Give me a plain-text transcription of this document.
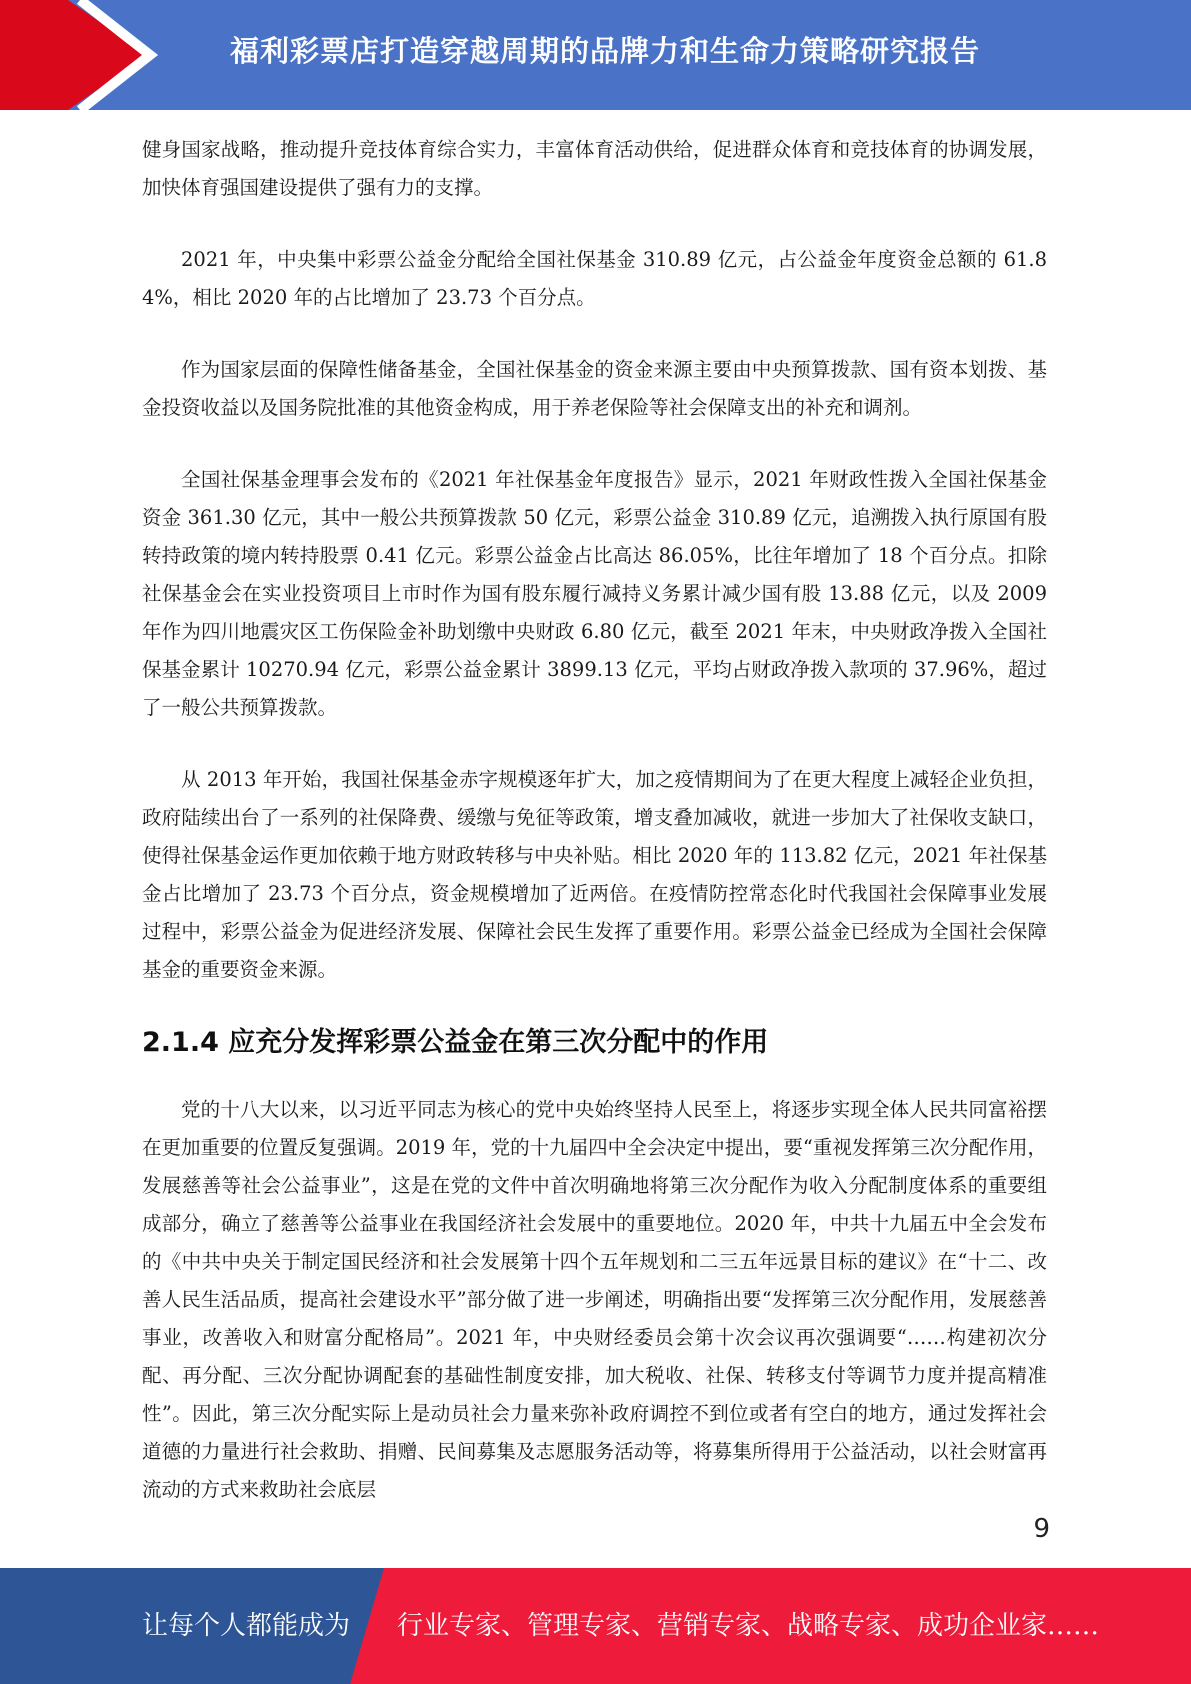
福利彩票店打造穿越周期的品牌力和生命力策略研究报告

健身国家战略，推动提升竞技体育综合实力，丰富体育活动供给，促进群众体育和竞技体育的协调发展，加快体育强国建设提供了强有力的支撑。

2021 年，中央集中彩票公益金分配给全国社保基金 310.89 亿元，占公益金年度资金总额的 61.84%，相比 2020 年的占比增加了 23.73 个百分点。

作为国家层面的保障性储备基金，全国社保基金的资金来源主要由中央预算拨款、国有资本划拨、基金投资收益以及国务院批准的其他资金构成，用于养老保险等社会保障支出的补充和调剂。

全国社保基金理事会发布的《2021 年社保基金年度报告》显示，2021 年财政性拨入全国社保基金资金 361.30 亿元，其中一般公共预算拨款 50 亿元，彩票公益金 310.89 亿元，追溯拨入执行原国有股转持政策的境内转持股票 0.41 亿元。彩票公益金占比高达 86.05%，比往年增加了 18 个百分点。扣除社保基金会在实业投资项目上市时作为国有股东履行减持义务累计减少国有股 13.88 亿元，以及 2009 年作为四川地震灾区工伤保险金补助划缴中央财政 6.80 亿元，截至 2021 年末，中央财政净拨入全国社保基金累计 10270.94 亿元，彩票公益金累计 3899.13 亿元，平均占财政净拨入款项的 37.96%，超过了一般公共预算拨款。

从 2013 年开始，我国社保基金赤字规模逐年扩大，加之疫情期间为了在更大程度上减轻企业负担，政府陆续出台了一系列的社保降费、缓缴与免征等政策，增支叠加减收，就进一步加大了社保收支缺口，使得社保基金运作更加依赖于地方财政转移与中央补贴。相比 2020 年的 113.82 亿元，2021 年社保基金占比增加了 23.73 个百分点，资金规模增加了近两倍。在疫情防控常态化时代我国社会保障事业发展过程中，彩票公益金为促进经济发展、保障社会民生发挥了重要作用。彩票公益金已经成为全国社会保障基金的重要资金来源。

2.1.4 应充分发挥彩票公益金在第三次分配中的作用

党的十八大以来，以习近平同志为核心的党中央始终坚持人民至上，将逐步实现全体人民共同富裕摆在更加重要的位置反复强调。2019 年，党的十九届四中全会决定中提出，要“重视发挥第三次分配作用，发展慈善等社会公益事业”，这是在党的文件中首次明确地将第三次分配作为收入分配制度体系的重要组成部分，确立了慈善等公益事业在我国经济社会发展中的重要地位。2020 年，中共十九届五中全会发布的《中共中央关于制定国民经济和社会发展第十四个五年规划和二三五年远景目标的建议》在“十二、改善人民生活品质，提高社会建设水平”部分做了进一步阐述，明确指出要“发挥第三次分配作用，发展慈善事业，改善收入和财富分配格局”。2021 年，中央财经委员会第十次会议再次强调要“……构建初次分配、再分配、三次分配协调配套的基础性制度安排，加大税收、社保、转移支付等调节力度并提高精准性”。因此，第三次分配实际上是动员社会力量来弥补政府调控不到位或者有空白的地方，通过发挥社会道德的力量进行社会救助、捐赠、民间募集及志愿服务活动等，将募集所得用于公益活动，以社会财富再流动的方式来救助社会底层

9
让每个人都能成为 行业专家、管理专家、营销专家、战略专家、成功企业家……
